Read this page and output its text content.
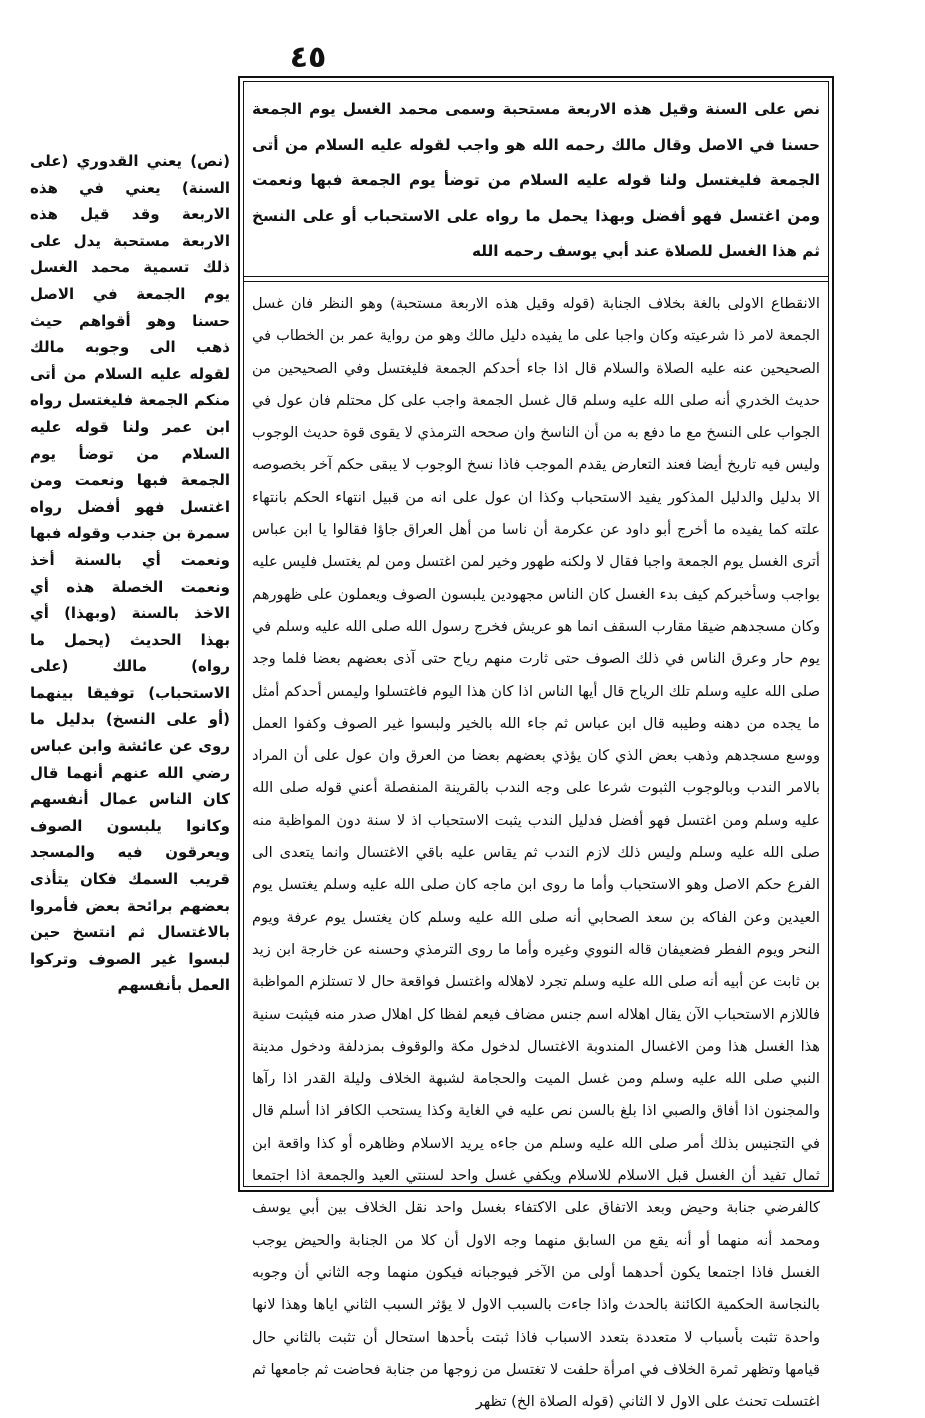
٤٥

نص على السنة وقيل هذه الاربعة مستحبة وسمى محمد الغسل يوم الجمعة حسنا في الاصل وقال مالك رحمه الله هو واجب لقوله عليه السلام من أتى الجمعة فليغتسل ولنا قوله عليه السلام من توضأ يوم الجمعة فبها ونعمت ومن اغتسل فهو أفضل وبهذا يحمل ما رواه على الاستحباب أو على النسخ ثم هذا الغسل للصلاة عند أبي يوسف رحمه الله

الانقطاع الاولى بالغة بخلاف الجنابة (قوله وقيل هذه الاربعة مستحبة) وهو النظر فان غسل الجمعة لامر ذا شرعيته وكان واجبا على ما يفيده دليل مالك وهو من رواية عمر بن الخطاب في الصحيحين عنه عليه الصلاة والسلام قال اذا جاء أحدكم الجمعة فليغتسل وفي الصحيحين من حديث الخدري أنه صلى الله عليه وسلم قال غسل الجمعة واجب على كل محتلم فان عول في الجواب على النسخ مع ما دفع به من أن الناسخ وان صححه الترمذي لا يقوى قوة حديث الوجوب وليس فيه تاريخ أيضا فعند التعارض يقدم الموجب فاذا نسخ الوجوب لا يبقى حكم آخر بخصوصه الا بدليل والدليل المذكور يفيد الاستحباب وكذا ان عول على انه من قبيل انتهاء الحكم بانتهاء علته كما يفيده ما أخرج أبو داود عن عكرمة أن ناسا من أهل العراق جاؤا فقالوا يا ابن عباس أترى الغسل يوم الجمعة واجبا فقال لا ولكنه طهور وخير لمن اغتسل ومن لم يغتسل فليس عليه بواجب وسأخبركم كيف بدء الغسل كان الناس مجهودين يلبسون الصوف ويعملون على ظهورهم وكان مسجدهم ضيقا مقارب السقف انما هو عريش فخرج رسول الله صلى الله عليه وسلم في يوم حار وعرق الناس في ذلك الصوف حتى ثارت منهم رياح حتى آذى بعضهم بعضا فلما وجد صلى الله عليه وسلم تلك الرياح قال أيها الناس اذا كان هذا اليوم فاغتسلوا وليمس أحدكم أمثل ما يجده من دهنه وطيبه قال ابن عباس ثم جاء الله بالخير ولبسوا غير الصوف وكفوا العمل ووسع مسجدهم وذهب بعض الذي كان يؤذي بعضهم بعضا من العرق وان عول على أن المراد بالامر الندب وبالوجوب الثبوت شرعا على وجه الندب بالقرينة المنفصلة أعني قوله صلى الله عليه وسلم ومن اغتسل فهو أفضل فدليل الندب يثبت الاستحباب اذ لا سنة دون المواظبة منه صلى الله عليه وسلم وليس ذلك لازم الندب ثم يقاس عليه باقي الاغتسال وانما يتعدى الى الفرع حكم الاصل وهو الاستحباب وأما ما روى ابن ماجه كان صلى الله عليه وسلم يغتسل يوم العيدين وعن الفاكه بن سعد الصحابي أنه صلى الله عليه وسلم كان يغتسل يوم عرفة ويوم النحر ويوم الفطر فضعيفان قاله النووي وغيره وأما ما روى الترمذي وحسنه عن خارجة ابن زيد بن ثابت عن أبيه أنه صلى الله عليه وسلم تجرد لاهلاله واغتسل فواقعة حال لا تستلزم المواظبة فاللازم الاستحباب الآن يقال اهلاله اسم جنس مضاف فيعم لفظا كل اهلال صدر منه فيثبت سنية هذا الغسل هذا ومن الاغسال المندوبة الاغتسال لدخول مكة والوقوف بمزدلفة ودخول مدينة النبي صلى الله عليه وسلم ومن غسل الميت والحجامة لشبهة الخلاف وليلة القدر اذا رآها والمجنون اذا أفاق والصبي اذا بلغ بالسن نص عليه في الغاية وكذا يستحب الكافر اذا أسلم قال في التجنيس بذلك أمر صلى الله عليه وسلم من جاءه يريد الاسلام وظاهره أو كذا واقعة ابن ثمال تفيد أن الغسل قبل الاسلام للاسلام ويكفي غسل واحد لسنتي العيد والجمعة اذا اجتمعا كالفرضي جنابة وحيض وبعد الاتفاق على الاكتفاء بغسل واحد نقل الخلاف بين أبي يوسف ومحمد أنه منهما أو أنه يقع من السابق منهما وجه الاول أن كلا من الجنابة والحيض يوجب الغسل فاذا اجتمعا يكون أحدهما أولى من الآخر فيوجبانه فيكون منهما وجه الثاني أن وجوبه بالنجاسة الحكمية الكائنة بالحدث واذا جاءت بالسبب الاول لا يؤثر السبب الثاني اياها وهذا لانها واحدة تثبت بأسباب لا متعددة بتعدد الاسباب فاذا ثبتت بأحدها استحال أن تثبت بالثاني حال قيامها وتظهر ثمرة الخلاف في امرأة حلفت لا تغتسل من زوجها من جنابة فحاضت ثم جامعها ثم اغتسلت تحنث على الاول لا الثاني (قوله الصلاة الخ) تظهر

(نص) يعني القدوري (على السنة) يعني في هذه الاربعة وقد قيل هذه الاربعة مستحبة يدل على ذلك تسمية محمد الغسل يوم الجمعة في الاصل حسنا وهو أقواهم حيث ذهب الى وجوبه مالك لقوله عليه السلام من أتى منكم الجمعة فليغتسل رواه ابن عمر ولنا قوله عليه السلام من توضأ يوم الجمعة فبها ونعمت ومن اغتسل فهو أفضل رواه سمرة بن جندب وقوله فبها ونعمت أي بالسنة أخذ ونعمت الخصلة هذه أي الاخذ بالسنة (وبهذا) أي بهذا الحديث (يحمل ما رواه) مالك (على الاستحباب) توفيقا بينهما (أو على النسخ) بدليل ما روى عن عائشة وابن عباس رضي الله عنهم أنهما قال كان الناس عمال أنفسهم وكانوا يلبسون الصوف ويعرقون فيه والمسجد قريب السمك فكان يتأذى بعضهم برائحة بعض فأمروا بالاغتسال ثم انتسخ حين لبسوا غير الصوف وتركوا العمل بأنفسهم
